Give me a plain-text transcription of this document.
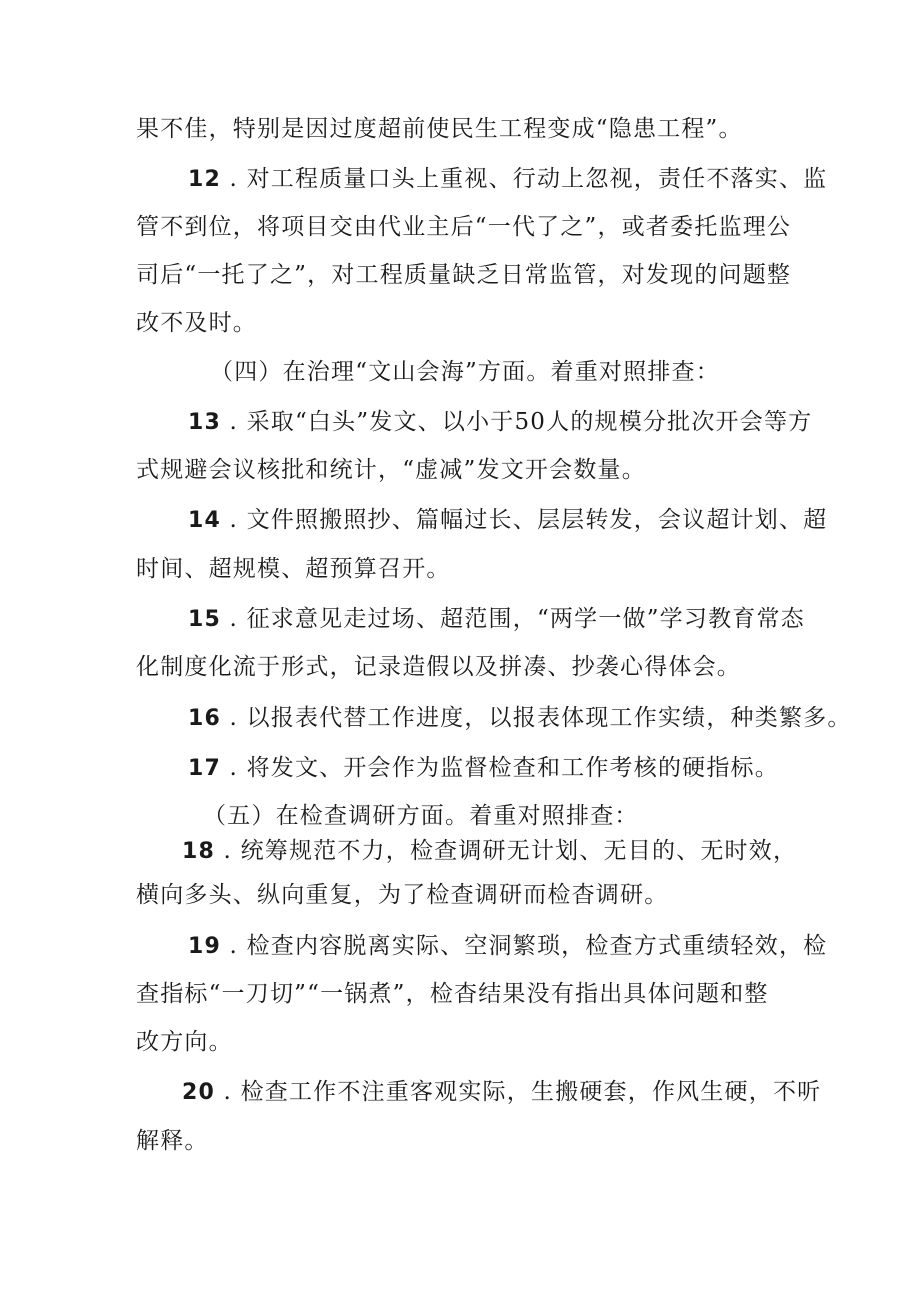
果不佳，特别是因过度超前使民生工程变成“隐患工程”。
12 . 对工程质量口头上重视、行动上忽视，责任不落实、监
管不到位，将项目交由代业主后“一代了之”，或者委托监理公
司后“一托了之”，对工程质量缺乏日常监管，对发现的问题整
改不及时。
（四）在治理“文山会海”方面。着重对照排查：
13 . 采取“白头”发文、以小于50人的规模分批次开会等方
式规避会议核批和统计，“虚减”发文开会数量。
14 . 文件照搬照抄、篇幅过长、层层转发，会议超计划、超
时间、超规模、超预算召开。
15 . 征求意见走过场、超范围，“两学一做”学习教育常态
化制度化流于形式，记录造假以及拼凑、抄袭心得体会。
16 . 以报表代替工作进度，以报表体现工作实绩，种类繁多。
17 . 将发文、开会作为监督检查和工作考核的硬指标。
（五）在检查调研方面。着重对照排查：
18 . 统筹规范不力，检查调研无计划、无目的、无时效，
横向多头、纵向重复，为了检查调研而检杳调研。
19 . 检查内容脱离实际、空洞繁琐，检查方式重绩轻效，检
查指标“一刀切”“一锅煮”，检杳结果没有指出具体问题和整
改方向。
20 . 检查工作不注重客观实际，生搬硬套，作风生硬，不听
解释。
